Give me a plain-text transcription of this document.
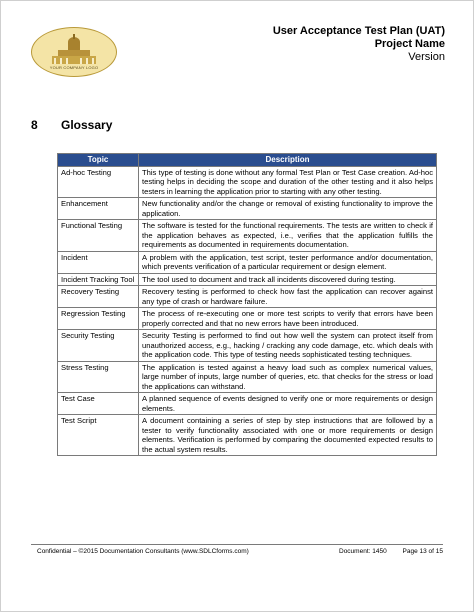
YOUR COMPANY LOGO
User Acceptance Test Plan (UAT)
Project Name
Version
8 Glossary
Topic	Description
Ad-hoc Testing	This type of testing is done without any formal Test Plan or Test Case creation. Ad-hoc testing helps in deciding the scope and duration of the other testing and it also helps testers in learning the application prior to starting with any other testing.
Enhancement	New functionality and/or the change or removal of existing functionality to improve the application.
Functional Testing	The software is tested for the functional requirements. The tests are written to check if the application behaves as expected, i.e., verifies that the application fulfills the requirements as documented in requirements documentation.
Incident	A problem with the application, test script, tester performance and/or documentation, which prevents verification of a particular requirement or design element.
Incident Tracking Tool	The tool used to document and track all incidents discovered during testing.
Recovery Testing	Recovery testing is performed to check how fast the application can recover against any type of crash or hardware failure.
Regression Testing	The process of re-executing one or more test scripts to verify that errors have been properly corrected and that no new errors have been introduced.
Security Testing	Security Testing is performed to find out how well the system can protect itself from unauthorized access, e.g., hacking / cracking any code damage, etc. which deals with the application code. This type of testing needs sophisticated testing techniques.
Stress Testing	The application is tested against a heavy load such as complex numerical values, large number of inputs, large number of queries, etc. that checks for the stress or load the applications can withstand.
Test Case	A planned sequence of events designed to verify one or more requirements or design elements.
Test Script	A document containing a series of step by step instructions that are followed by a tester to verify functionality associated with one or more requirements or design elements. Verification is performed by comparing the documented expected results to the actual system results.
Confidential – ©2015 Documentation Consultants (www.SDLCforms.com)	Document: 1450 Page 13 of 15
